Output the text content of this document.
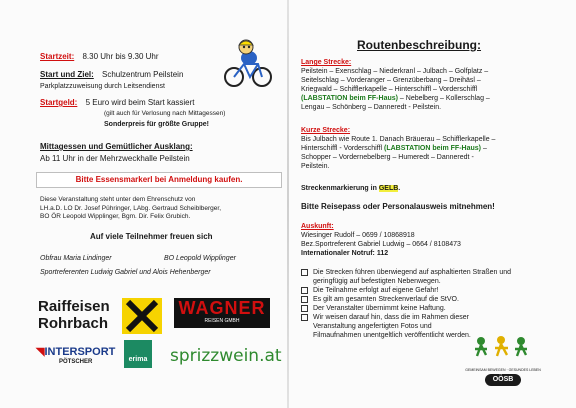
Startzeit: 8.30 Uhr bis 9.30 Uhr
Start und Ziel: Schulzentrum Peilstein
Parkplatzzuweisung durch Leitsendienst
Startgeld: 5 Euro wird beim Start kassiert
(gilt auch für Verlosung nach Mittagessen)
Sonderpreis für größte Gruppe!
Mittagessen und Gemütlicher Ausklang:
Ab 11 Uhr in der Mehrzweckhalle Peilstein
Bitte Essensmarkerl bei Anmeldung kaufen.
Diese Veranstaltung steht unter dem Ehrenschutz von
LH.a.D. LO Dr. Josef Pühringer, LAbg. Gertraud Scheiblberger,
BO ÖR Leopold Wipplinger, Bgm. Dir. Felix Grubich.
Auf viele Teilnehmer freuen sich
Obfrau Maria Lindinger	BO Leopold Wipplinger
Sportreferenten Ludwig Gabriel und Alois Hehenberger
Raiffeisen
Rohrbach
WAGNER
REISEN GMBH
◥INTERSPORT
PÖTSCHER	erima sprizzwein.at
Routenbeschreibung:
Lange Strecke:
Peilstein – Exenschlag – Niederkranl – Julbach – Golfplatz –
Seitelschlag – Vorderanger – Grenzüberbang – Dreihäsl –
Kriegwald – Schifflerkapelle – Hinterschiffl – Vorderschiffl
(LABSTATION beim FF-Haus) – Nebelberg – Kollerschlag –
Lengau – Schönberg – Danneredt - Peilstein.
Kurze Strecke:
Bis Julbach wie Route 1. Danach Bräuerau – Schifflerkapelle –
Hinterschiffl - Vorderschiffl (LABSTATION beim FF-Haus) –
Schopper – Vordernebelberg – Humeredt – Danneredt -
Peilstein.
Streckenmarkierung in GELB.
Bitte Reisepass oder Personalausweis mitnehmen!
Auskunft:
Wiesinger Rudolf – 0699 / 10868918
Bez.Sportreferent Gabriel Ludwig – 0664 / 8108473
Internationaler Notruf: 112
Die Strecken führen überwiegend auf asphaltierten Straßen und geringfügig auf befestigten Nebenwegen.
Die Teilnahme erfolgt auf eigene Gefahr!
Es gilt am gesamten Streckenverlauf die StVO.
Der Veranstalter übernimmt keine Haftung.
Wir weisen darauf hin, dass die im Rahmen dieser Veranstaltung angefertigten Fotos und Filmaufnahmen unentgeltlich veröffentlicht werden.
GEMEINSAM BEWEGEN · GESUNDES LEBEN
OÖSB
